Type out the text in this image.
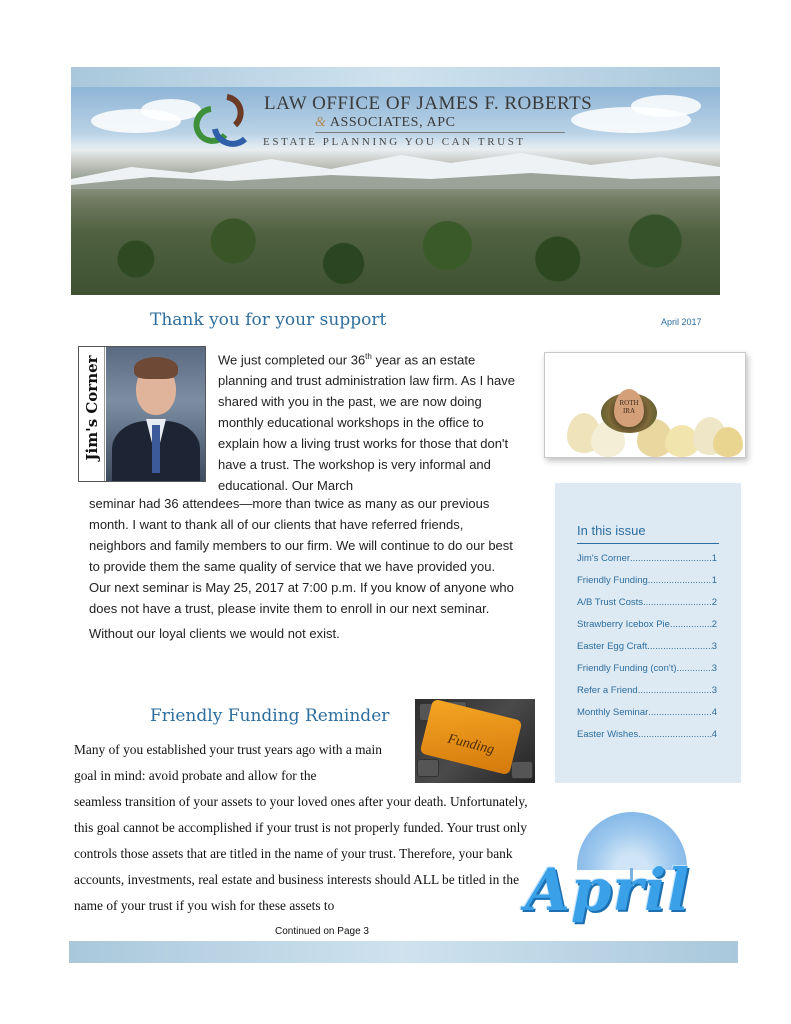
LAW OFFICE OF JAMES F. ROBERTS
& ASSOCIATES, APC
ESTATE PLANNING YOU CAN TRUST
Thank you for your support	April 2017
Jim's Corner	We just completed our 36th year as an estate planning and trust administration law firm. As I have shared with you in the past, we are now doing monthly educational workshops in the office to explain how a living trust works for those that don't have a trust. The workshop is very informal and educational. Our March

seminar had 36 attendees—more than twice as many as our previous month. I want to thank all of our clients that have referred friends, neighbors and family members to our firm. We will continue to do our best to provide them the same quality of service that we have provided you.

Our next seminar is May 25, 2017 at 7:00 p.m. If you know of anyone who does not have a trust, please invite them to enroll in our next seminar.

Without our loyal clients we would not exist.

ROTH
IRA
In this issue
Jim's Corner .....	1
Friendly Funding .....	1
A/B Trust Costs .....	2
Strawberry Icebox Pie .....	2
Easter Egg Craft .....	3
Friendly Funding (con't) .....	3
Refer a Friend .....	3
Monthly Seminar .....	4
Easter Wishes .....	4
Friendly Funding Reminder
Funding
Many of you established your trust years ago with a main goal in mind: avoid probate and allow for the
seamless transition of your assets to your loved ones after your death. Unfortunately, this goal cannot be accomplished if your trust is not properly funded. Your trust only controls those assets that are titled in the name of your trust. Therefore, your bank accounts, investments, real estate and business interests should ALL be titled in the name of your trust if you wish for these assets to	April
Continued on Page 3
